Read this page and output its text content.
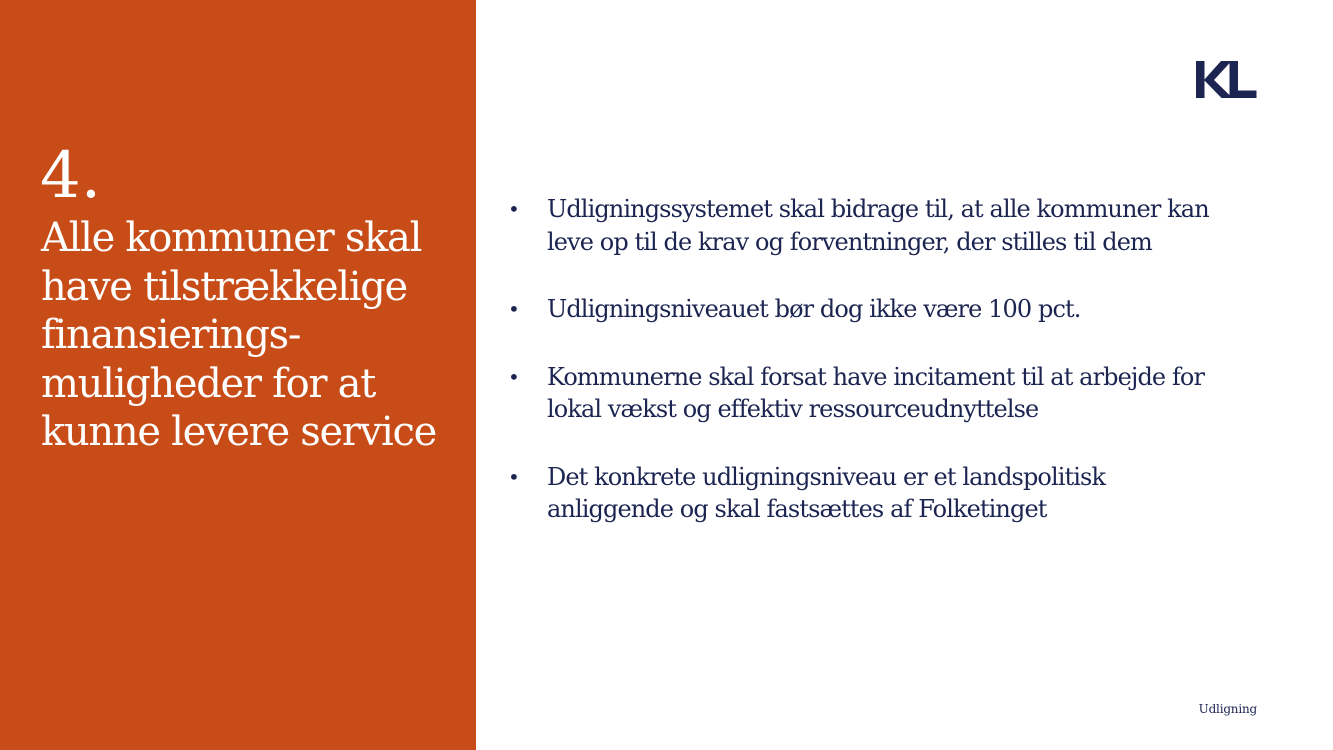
4.
Alle kommuner skal
have tilstrækkelige
finansierings-
muligheder for at
kunne levere service
• Udligningssystemet skal bidrage til, at alle kommuner kan leve op til de krav og forventninger, der stilles til dem
• Udligningsniveauet bør dog ikke være 100 pct.
• Kommunerne skal forsat have incitament til at arbejde for lokal vækst og effektiv ressourceudnyttelse
• Det konkrete udligningsniveau er et landspolitisk anliggende og skal fastsættes af Folketinget
Udligning
